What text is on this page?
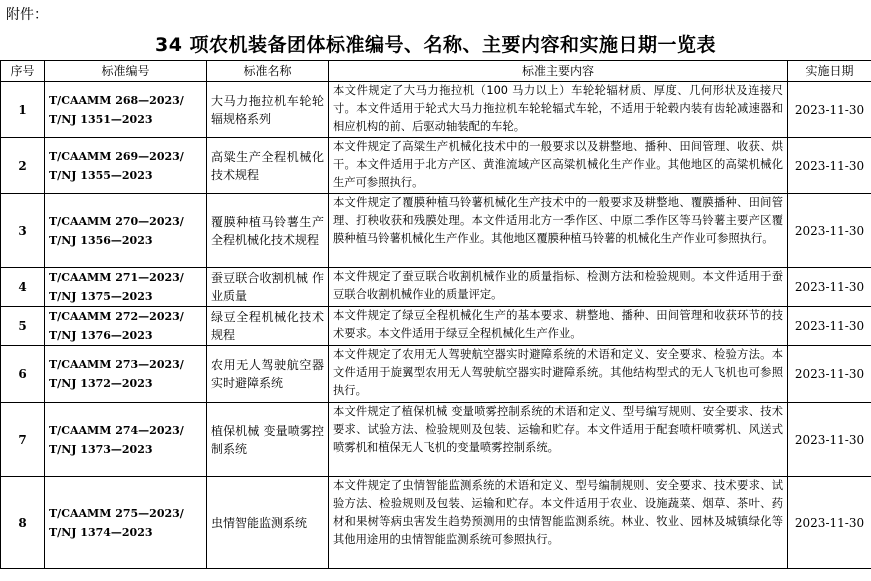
附件：
34 项农机装备团体标准编号、名称、主要内容和实施日期一览表
序号	标准编号	标准名称	标准主要内容	实施日期
1	T/CAAMM 268—2023/
T/NJ 1351—2023	大马力拖拉机车轮轮辐规格系列	本文件规定了大马力拖拉机（100 马力以上）车轮轮辐材质、厚度、几何形状及连接尺寸。本文件适用于轮式大马力拖拉机车轮轮辐式车轮，不适用于轮毂内装有齿轮减速器和相应机构的前、后驱动轴装配的车轮。	2023-11-30
2	T/CAAMM 269—2023/
T/NJ 1355—2023	高粱生产全程机械化技术规程	本文件规定了高粱生产机械化技术中的一般要求以及耕整地、播种、田间管理、收获、烘干。本文件适用于北方产区、黄淮流域产区高粱机械化生产作业。其他地区的高粱机械化生产可参照执行。	2023-11-30
3	T/CAAMM 270—2023/
T/NJ 1356—2023	覆膜种植马铃薯生产全程机械化技术规程	本文件规定了覆膜种植马铃薯机械化生产技术中的一般要求及耕整地、覆膜播种、田间管理、打秧收获和残膜处理。本文件适用北方一季作区、中原二季作区等马铃薯主要产区覆膜种植马铃薯机械化生产作业。其他地区覆膜种植马铃薯的机械化生产作业可参照执行。	2023-11-30
4	T/CAAMM 271—2023/
T/NJ 1375—2023	蚕豆联合收割机械 作业质量	本文件规定了蚕豆联合收割机械作业的质量指标、检测方法和检验规则。本文件适用于蚕豆联合收割机械作业的质量评定。	2023-11-30
5	T/CAAMM 272—2023/
T/NJ 1376—2023	绿豆全程机械化技术规程	本文件规定了绿豆全程机械化生产的基本要求、耕整地、播种、田间管理和收获环节的技术要求。本文件适用于绿豆全程机械化生产作业。	2023-11-30
6	T/CAAMM 273—2023/
T/NJ 1372—2023	农用无人驾驶航空器 实时避障系统	本文件规定了农用无人驾驶航空器实时避障系统的术语和定义、安全要求、检验方法。本文件适用于旋翼型农用无人驾驶航空器实时避障系统。其他结构型式的无人飞机也可参照执行。	2023-11-30
7	T/CAAMM 274—2023/
T/NJ 1373—2023	植保机械 变量喷雾控制系统	本文件规定了植保机械 变量喷雾控制系统的术语和定义、型号编写规则、安全要求、技术要求、试验方法、检验规则及包装、运输和贮存。本文件适用于配套喷杆喷雾机、风送式喷雾机和植保无人飞机的变量喷雾控制系统。	2023-11-30
8	T/CAAMM 275—2023/
T/NJ 1374—2023	虫情智能监测系统	本文件规定了虫情智能监测系统的术语和定义、型号编制规则、安全要求、技术要求、试验方法、检验规则及包装、运输和贮存。本文件适用于农业、设施蔬菜、烟草、茶叶、药材和果树等病虫害发生趋势预测用的虫情智能监测系统。林业、牧业、园林及城镇绿化等其他用途用的虫情智能监测系统可参照执行。	2023-11-30
